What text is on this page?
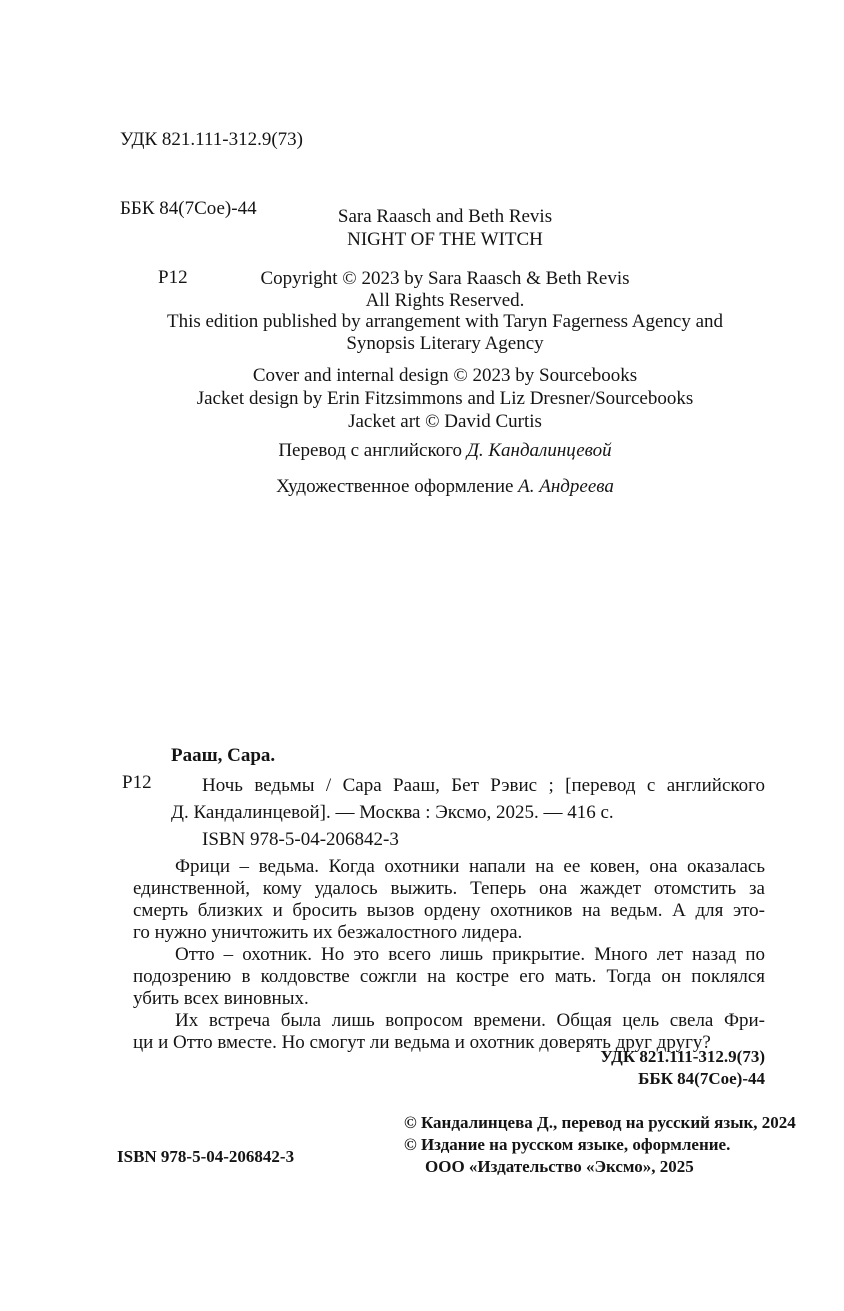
УДК 821.111-312.9(73)

ББК 84(7Сое)-44

Р12

Sara Raasch and Beth Revis
NIGHT OF THE WITCH
Copyright © 2023 by Sara Raasch & Beth Revis
All Rights Reserved.
This edition published by arrangement with Taryn Fagerness Agency and
Synopsis Literary Agency
Cover and internal design © 2023 by Sourcebooks
Jacket design by Erin Fitzsimmons and Liz Dresner/Sourcebooks
Jacket art © David Curtis
Перевод с английского Д. Кандалинцевой
Художественное оформление А. Андреева
Рааш, Сара.
Р12	Ночь ведьмы / Сара Рааш, Бет Рэвис ; [перевод с английского
Д. Кандалинцевой]. — Москва : Эксмо, 2025. — 416 с.
ISBN 978-5-04-206842-3
Фрици – ведьма. Когда охотники напали на ее ковен, она оказалась
единственной, кому удалось выжить. Теперь она жаждет отомстить за
смерть близких и бросить вызов ордену охотников на ведьм. А для это-
го нужно уничтожить их безжалостного лидера.
Отто – охотник. Но это всего лишь прикрытие. Много лет назад по
подозрению в колдовстве сожгли на костре его мать. Тогда он поклялся
убить всех виновных.
Их встреча была лишь вопросом времени. Общая цель свела Фри-
ци и Отто вместе. Но смогут ли ведьма и охотник доверять друг другу?
УДК 821.111-312.9(73)
ББК 84(7Сое)-44
ISBN 978-5-04-206842-3
© Кандалинцева Д., перевод на русский язык, 2024
© Издание на русском языке, оформление.
ООО «Издательство «Эксмо», 2025
